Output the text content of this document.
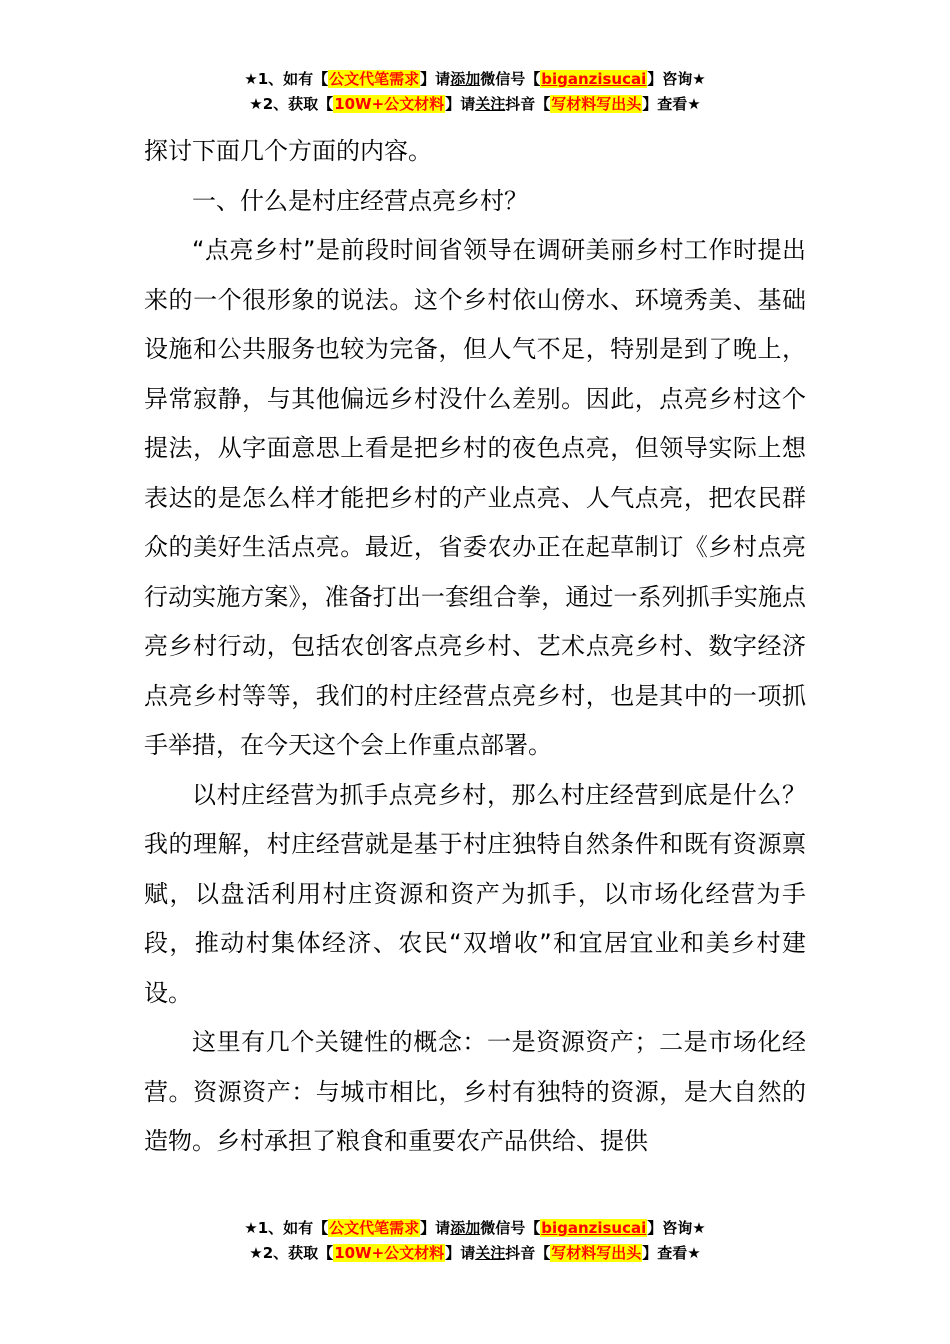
★1、如有【公文代笔需求】请添加微信号【biganzisucai】咨询★
★2、获取【10W+公文材料】请关注抖音【写材料写出头】查看★

探讨下面几个方面的内容。

一、什么是村庄经营点亮乡村？

“点亮乡村”是前段时间省领导在调研美丽乡村工作时提出来的一个很形象的说法。这个乡村依山傍水、环境秀美、基础设施和公共服务也较为完备，但人气不足，特别是到了晚上，异常寂静，与其他偏远乡村没什么差别。因此，点亮乡村这个提法，从字面意思上看是把乡村的夜色点亮，但领导实际上想表达的是怎么样才能把乡村的产业点亮、人气点亮，把农民群众的美好生活点亮。最近，省委农办正在起草制订《乡村点亮行动实施方案》，准备打出一套组合拳，通过一系列抓手实施点亮乡村行动，包括农创客点亮乡村、艺术点亮乡村、数字经济点亮乡村等等，我们的村庄经营点亮乡村，也是其中的一项抓手举措，在今天这个会上作重点部署。

以村庄经营为抓手点亮乡村，那么村庄经营到底是什么？我的理解，村庄经营就是基于村庄独特自然条件和既有资源禀赋，以盘活利用村庄资源和资产为抓手，以市场化经营为手段，推动村集体经济、农民“双增收”和宜居宜业和美乡村建设。

这里有几个关键性的概念：一是资源资产；二是市场化经营。资源资产：与城市相比，乡村有独特的资源，是大自然的造物。乡村承担了粮食和重要农产品供给、提供

★1、如有【公文代笔需求】请添加微信号【biganzisucai】咨询★
★2、获取【10W+公文材料】请关注抖音【写材料写出头】查看★
